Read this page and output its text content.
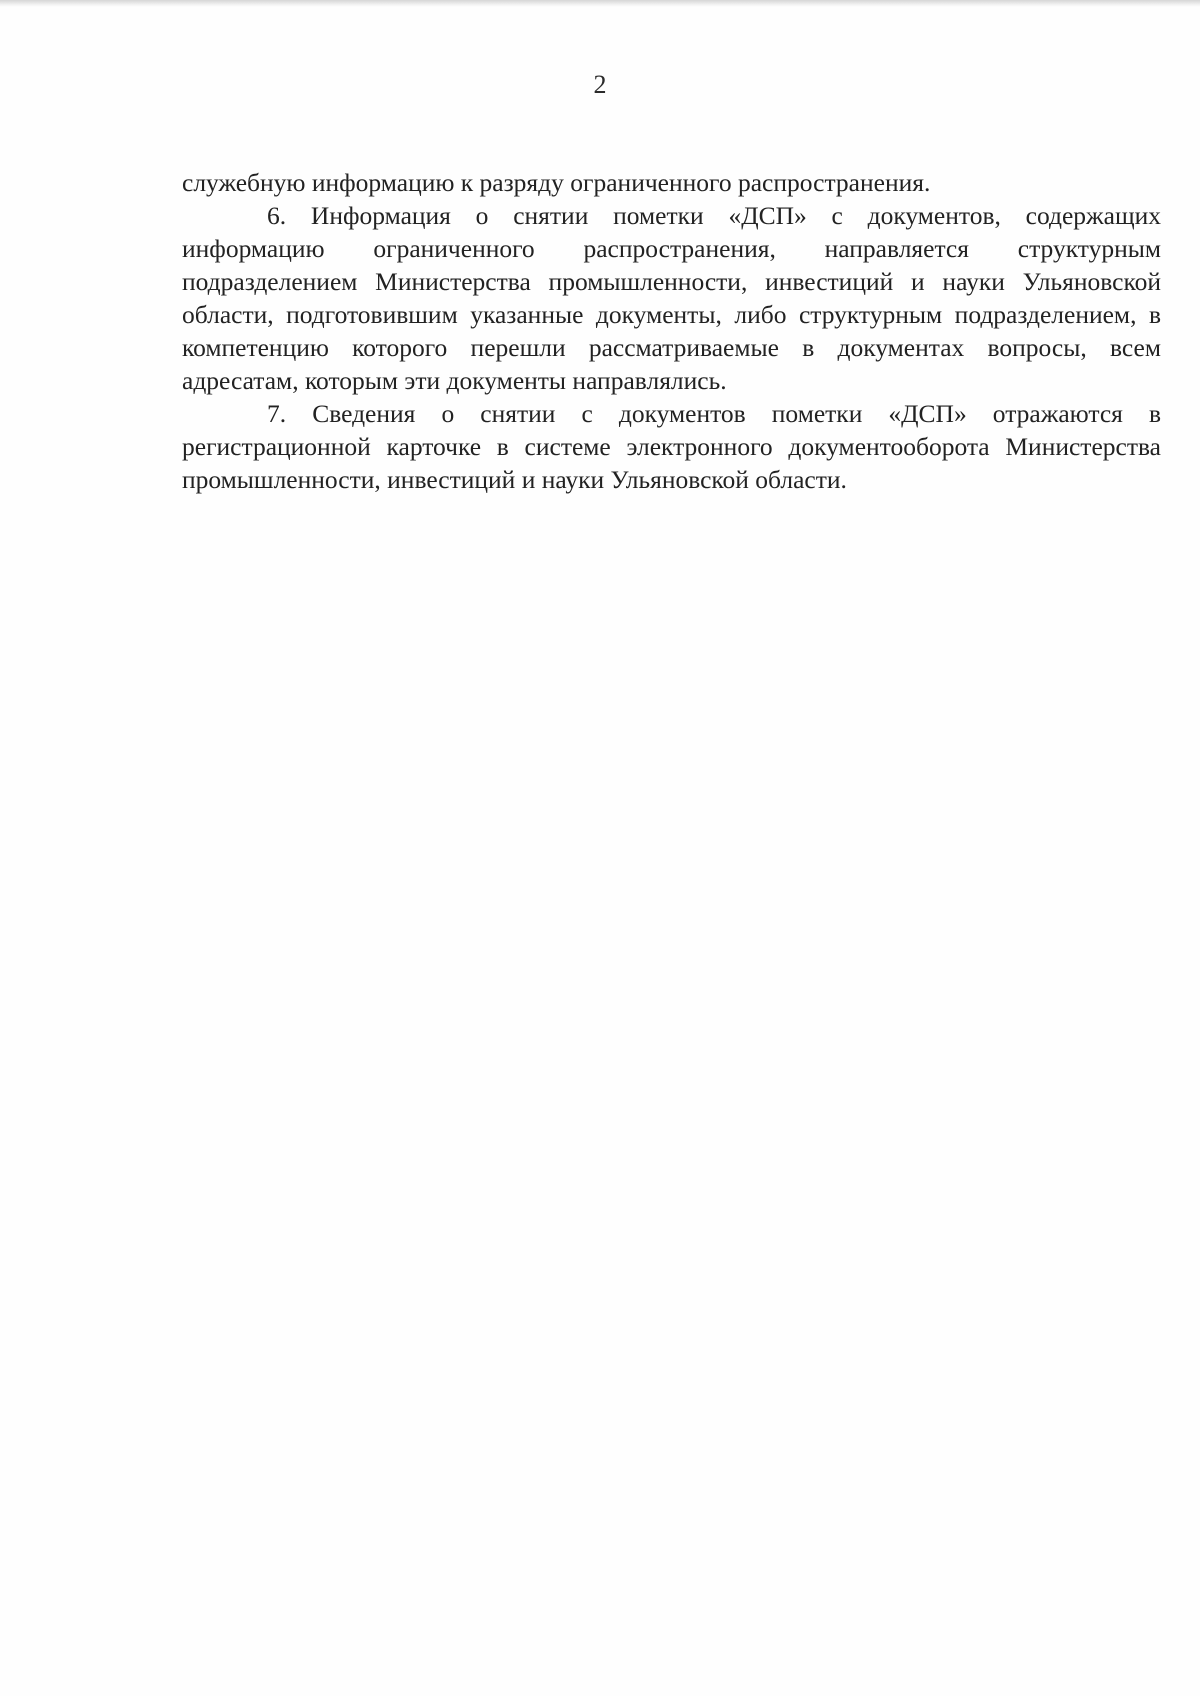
2

служебную информацию к разряду ограниченного распространения.

6. Информация о снятии пометки «ДСП» с документов, содержащих информацию ограниченного распространения, направляется структурным подразделением Министерства промышленности, инвестиций и науки Ульяновской области, подготовившим указанные документы, либо структурным подразделением, в компетенцию которого перешли рассматриваемые в документах вопросы, всем адресатам, которым эти документы направлялись.

7. Сведения о снятии с документов пометки «ДСП» отражаются в регистрационной карточке в системе электронного документооборота Министерства промышленности, инвестиций и науки Ульяновской области.
